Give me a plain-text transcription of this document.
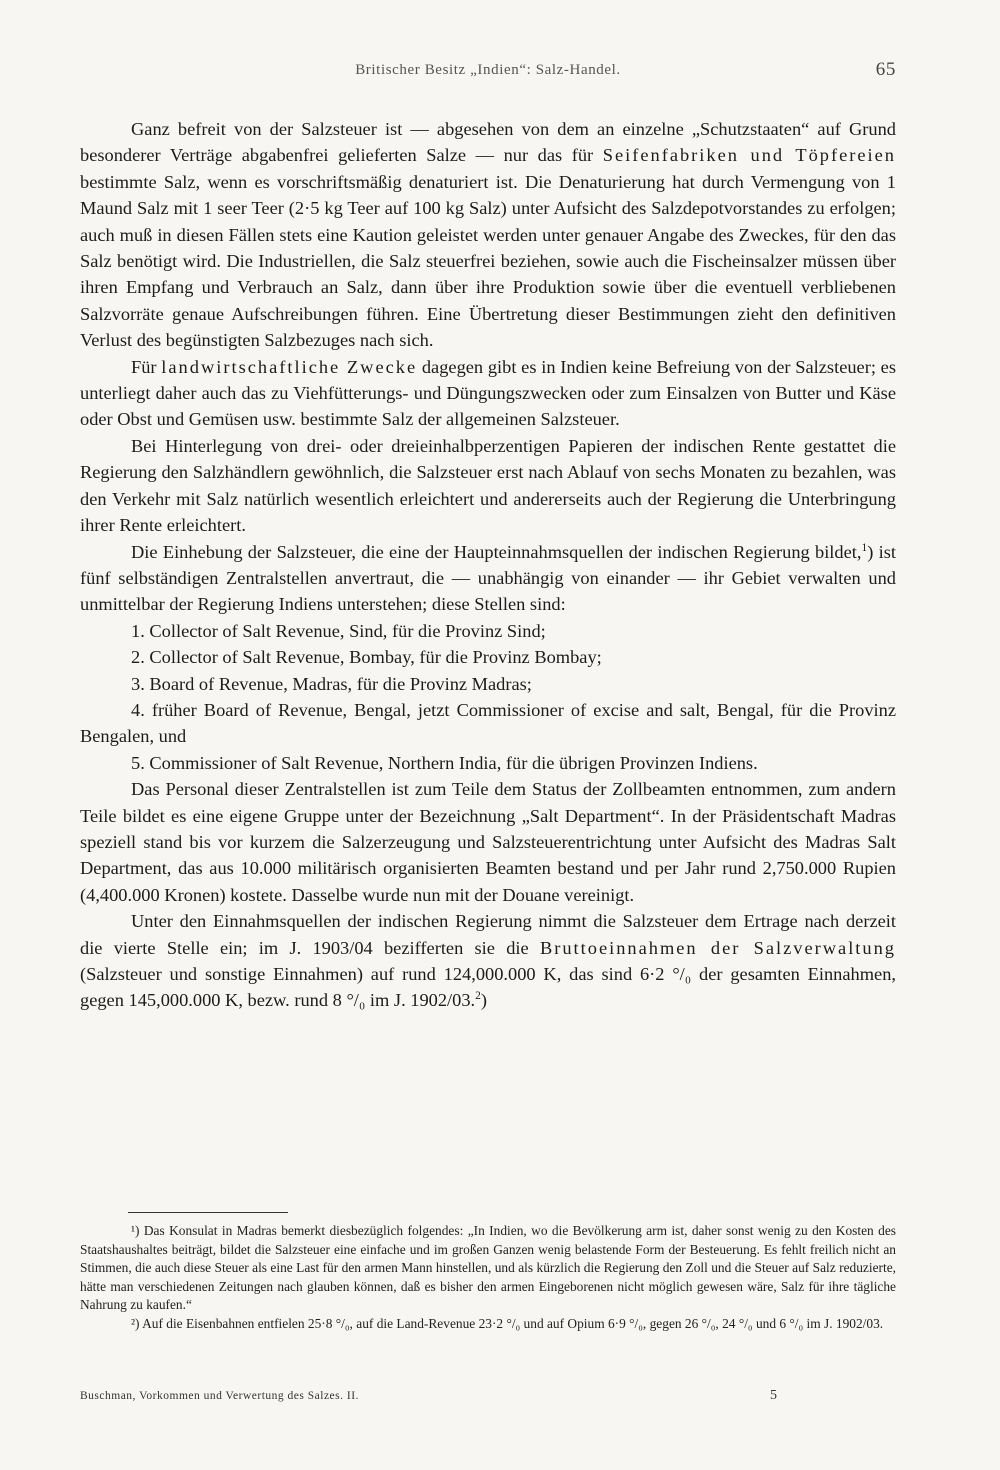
Britischer Besitz „Indien“: Salz-Handel.	65

Ganz befreit von der Salzsteuer ist — abgesehen von dem an einzelne „Schutzstaaten“ auf Grund besonderer Verträge abgabenfrei gelieferten Salze — nur das für Seifenfabriken und Töpfereien bestimmte Salz, wenn es vorschriftsmäßig denaturiert ist. Die Denaturierung hat durch Vermengung von 1 Maund Salz mit 1 seer Teer (2·5 kg Teer auf 100 kg Salz) unter Aufsicht des Salzdepotvorstandes zu erfolgen; auch muß in diesen Fällen stets eine Kaution geleistet werden unter genauer Angabe des Zweckes, für den das Salz benötigt wird. Die Industriellen, die Salz steuerfrei beziehen, sowie auch die Fischeinsalzer müssen über ihren Empfang und Verbrauch an Salz, dann über ihre Produktion sowie über die eventuell verbliebenen Salzvorräte genaue Aufschreibungen führen. Eine Übertretung dieser Bestimmungen zieht den definitiven Verlust des begünstigten Salzbezuges nach sich.

Für landwirtschaftliche Zwecke dagegen gibt es in Indien keine Befreiung von der Salzsteuer; es unterliegt daher auch das zu Viehfütterungs- und Düngungszwecken oder zum Einsalzen von Butter und Käse oder Obst und Gemüsen usw. bestimmte Salz der allgemeinen Salzsteuer.

Bei Hinterlegung von drei- oder dreieinhalbperzentigen Papieren der indischen Rente gestattet die Regierung den Salzhändlern gewöhnlich, die Salzsteuer erst nach Ablauf von sechs Monaten zu bezahlen, was den Verkehr mit Salz natürlich wesentlich erleichtert und andererseits auch der Regierung die Unterbringung ihrer Rente erleichtert.

Die Einhebung der Salzsteuer, die eine der Haupteinnahmsquellen der indischen Regierung bildet,$^1$) ist fünf selbständigen Zentralstellen anvertraut, die — unabhängig von einander — ihr Gebiet verwalten und unmittelbar der Regierung Indiens unterstehen; diese Stellen sind:

1. Collector of Salt Revenue, Sind, für die Provinz Sind;

2. Collector of Salt Revenue, Bombay, für die Provinz Bombay;

3. Board of Revenue, Madras, für die Provinz Madras;

4. früher Board of Revenue, Bengal, jetzt Commissioner of excise and salt, Bengal, für die Provinz Bengalen, und

5. Commissioner of Salt Revenue, Northern India, für die übrigen Provinzen Indiens.

Das Personal dieser Zentralstellen ist zum Teile dem Status der Zollbeamten entnommen, zum andern Teile bildet es eine eigene Gruppe unter der Bezeichnung „Salt Department“. In der Präsidentschaft Madras speziell stand bis vor kurzem die Salzerzeugung und Salzsteuerentrichtung unter Aufsicht des Madras Salt Department, das aus 10.000 militärisch organisierten Beamten bestand und per Jahr rund 2,750.000 Rupien (4,400.000 Kronen) kostete. Dasselbe wurde nun mit der Douane vereinigt.

Unter den Einnahmsquellen der indischen Regierung nimmt die Salzsteuer dem Ertrage nach derzeit die vierte Stelle ein; im J. 1903/04 bezifferten sie die Bruttoeinnahmen der Salzverwaltung (Salzsteuer und sonstige Einnahmen) auf rund 124,000.000 K, das sind 6·2 °/₀ der gesamten Einnahmen, gegen 145,000.000 K, bezw. rund 8 °/₀ im J. 1902/03.$^2$)

¹) Das Konsulat in Madras bemerkt diesbezüglich folgendes: „In Indien, wo die Bevölkerung arm ist, daher sonst wenig zu den Kosten des Staatshaushaltes beiträgt, bildet die Salzsteuer eine einfache und im großen Ganzen wenig belastende Form der Besteuerung. Es fehlt freilich nicht an Stimmen, die auch diese Steuer als eine Last für den armen Mann hinstellen, und als kürzlich die Regierung den Zoll und die Steuer auf Salz reduzierte, hätte man verschiedenen Zeitungen nach glauben können, daß es bisher den armen Eingeborenen nicht möglich gewesen wäre, Salz für ihre tägliche Nahrung zu kaufen.“

²) Auf die Eisenbahnen entfielen 25·8 °/₀, auf die Land-Revenue 23·2 °/₀ und auf Opium 6·9 °/₀, gegen 26 °/₀, 24 °/₀ und 6 °/₀ im J. 1902/03.

Buschman, Vorkommen und Verwertung des Salzes. II.	5
